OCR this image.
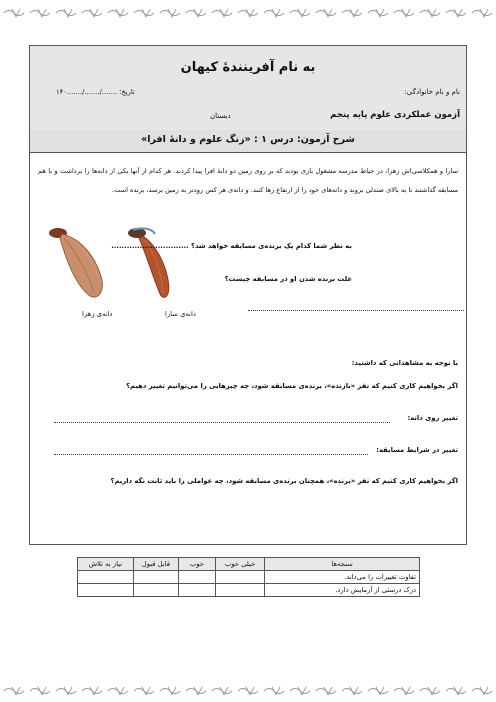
به نام آفرینندهٔ کیهان
نام و نام خانوادگی:
تاریخ: ......./......./.......۱۴۰
آزمون عملکردی علوم پایه پنجم
دبستان
شرح آزمون: درس ۱ : «زنگ علوم و دانهٔ افرا»
سارا و همکلاسی‌اش زهرا، در حیاط مدرسه مشغول بازی بودند که بر روی زمین دو دانهٔ افرا پیدا کردند. هر کدام از آنها یکی از دانه‌ها را برداشت و با هم مسابقه گذاشتند تا به بالای صندلی بروند و دانه‌های خود را از ارتفاع رها کنند. و دانه‌ی هر کس زودتر به زمین برسد، برنده است.
دانه‌ی زهرا	دانه‌ی سارا
به نظر شما کدام یک برنده‌ی مسابقه خواهد شد؟ ..............................
علت برنده شدن او در مسابقه چیست؟
با توجه به مشاهداتی که داشتید:
اگر بخواهیم کاری کنیم که نفر «بازنده»، برنده‌ی مسابقه شود، چه چیزهایی را می‌توانیم تغییر دهیم؟
تغییر روی دانه:
تغییر در شرایط مسابقه:
اگر بخواهیم کاری کنیم که نفر «برنده»، همچنان برنده‌ی مسابقه شود، چه عواملی را باید ثابت نگه داریم؟
سنجه‌ها	خیلی خوب	خوب	قابل قبول	نیاز به تلاش
تفاوت تغییرات را می‌داند.				
درک درستی از آزمایش دارد.				
